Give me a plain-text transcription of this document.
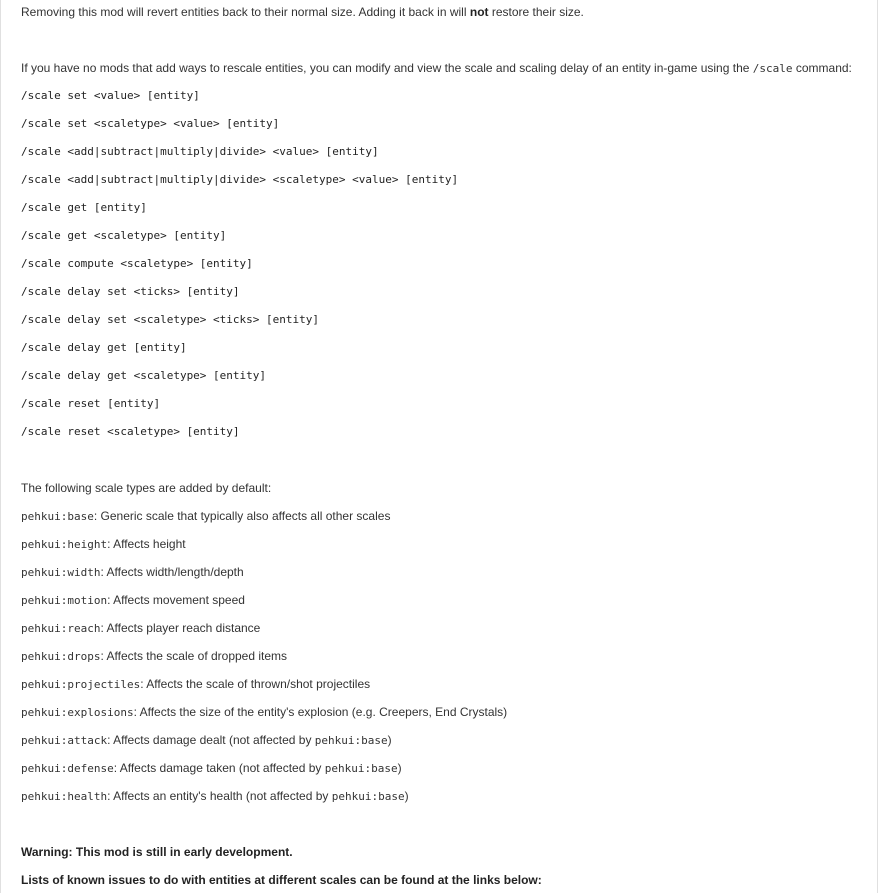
Removing this mod will revert entities back to their normal size. Adding it back in will not restore their size.
If you have no mods that add ways to rescale entities, you can modify and view the scale and scaling delay of an entity in-game using the /scale command:
/scale set <value> [entity]
/scale set <scaletype> <value> [entity]
/scale <add|subtract|multiply|divide> <value> [entity]
/scale <add|subtract|multiply|divide> <scaletype> <value> [entity]
/scale get [entity]
/scale get <scaletype> [entity]
/scale compute <scaletype> [entity]
/scale delay set <ticks> [entity]
/scale delay set <scaletype> <ticks> [entity]
/scale delay get [entity]
/scale delay get <scaletype> [entity]
/scale reset [entity]
/scale reset <scaletype> [entity]
The following scale types are added by default:
pehkui:base: Generic scale that typically also affects all other scales
pehkui:height: Affects height
pehkui:width: Affects width/length/depth
pehkui:motion: Affects movement speed
pehkui:reach: Affects player reach distance
pehkui:drops: Affects the scale of dropped items
pehkui:projectiles: Affects the scale of thrown/shot projectiles
pehkui:explosions: Affects the size of the entity's explosion (e.g. Creepers, End Crystals)
pehkui:attack: Affects damage dealt (not affected by pehkui:base)
pehkui:defense: Affects damage taken (not affected by pehkui:base)
pehkui:health: Affects an entity's health (not affected by pehkui:base)
Warning: This mod is still in early development.
Lists of known issues to do with entities at different scales can be found at the links below:
